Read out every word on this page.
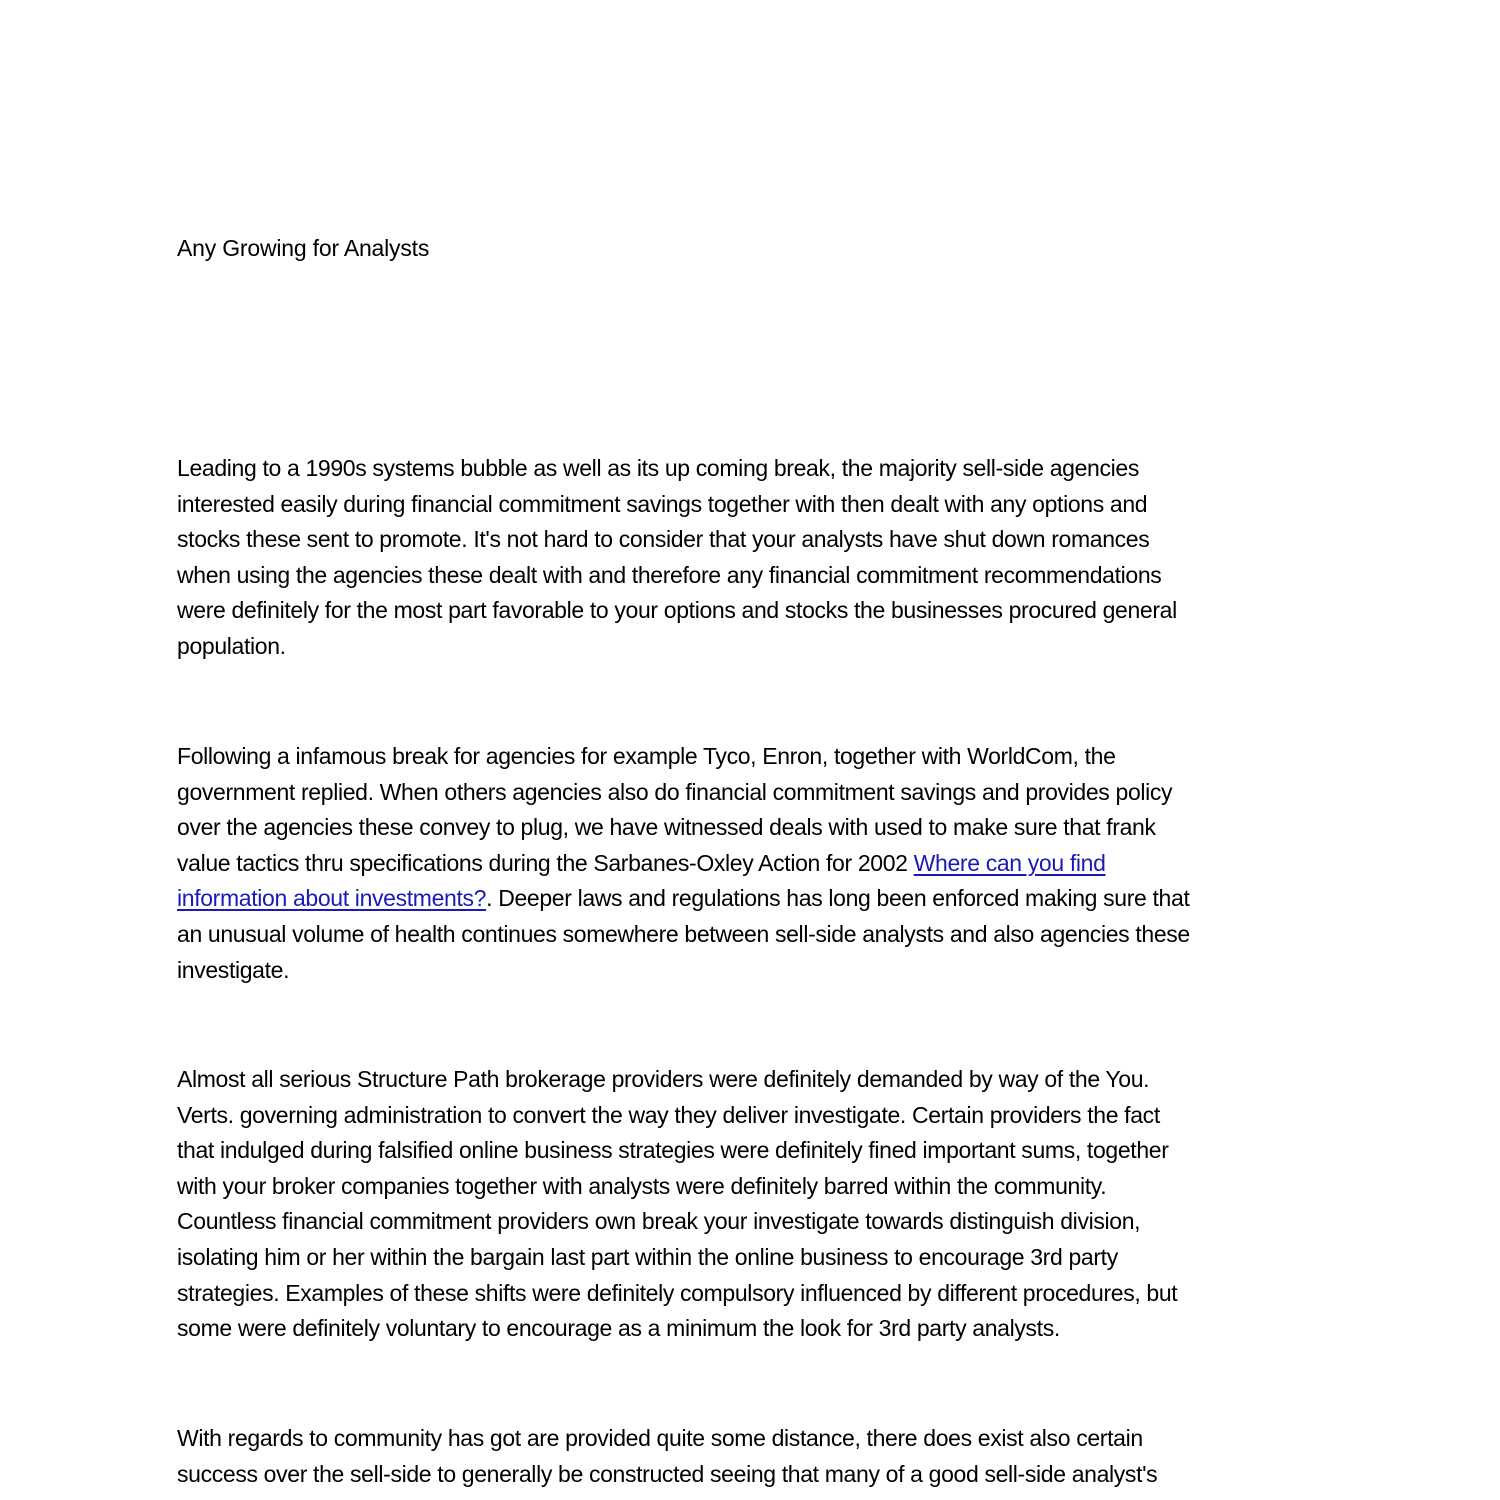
Any Growing for Analysts

Leading to a 1990s systems bubble as well as its up coming break, the majority sell-side agencies
interested easily during financial commitment savings together with then dealt with any options and
stocks these sent to promote. It's not hard to consider that your analysts have shut down romances
when using the agencies these dealt with and therefore any financial commitment recommendations
were definitely for the most part favorable to your options and stocks the businesses procured general
population.

Following a infamous break for agencies for example Tyco, Enron, together with WorldCom, the
government replied. When others agencies also do financial commitment savings and provides policy
over the agencies these convey to plug, we have witnessed deals with used to make sure that frank
value tactics thru specifications during the Sarbanes-Oxley Action for 2002 Where can you find
information about investments?. Deeper laws and regulations has long been enforced making sure that
an unusual volume of health continues somewhere between sell-side analysts and also agencies these
investigate.

Almost all serious Structure Path brokerage providers were definitely demanded by way of the You.
Verts. governing administration to convert the way they deliver investigate. Certain providers the fact
that indulged during falsified online business strategies were definitely fined important sums, together
with your broker companies together with analysts were definitely barred within the community.
Countless financial commitment providers own break your investigate towards distinguish division,
isolating him or her within the bargain last part within the online business to encourage 3rd party
strategies. Examples of these shifts were definitely compulsory influenced by different procedures, but
some were definitely voluntary to encourage as a minimum the look for 3rd party analysts.

With regards to community has got are provided quite some distance, there does exist also certain
success over the sell-side to generally be constructed seeing that many of a good sell-side analyst's
